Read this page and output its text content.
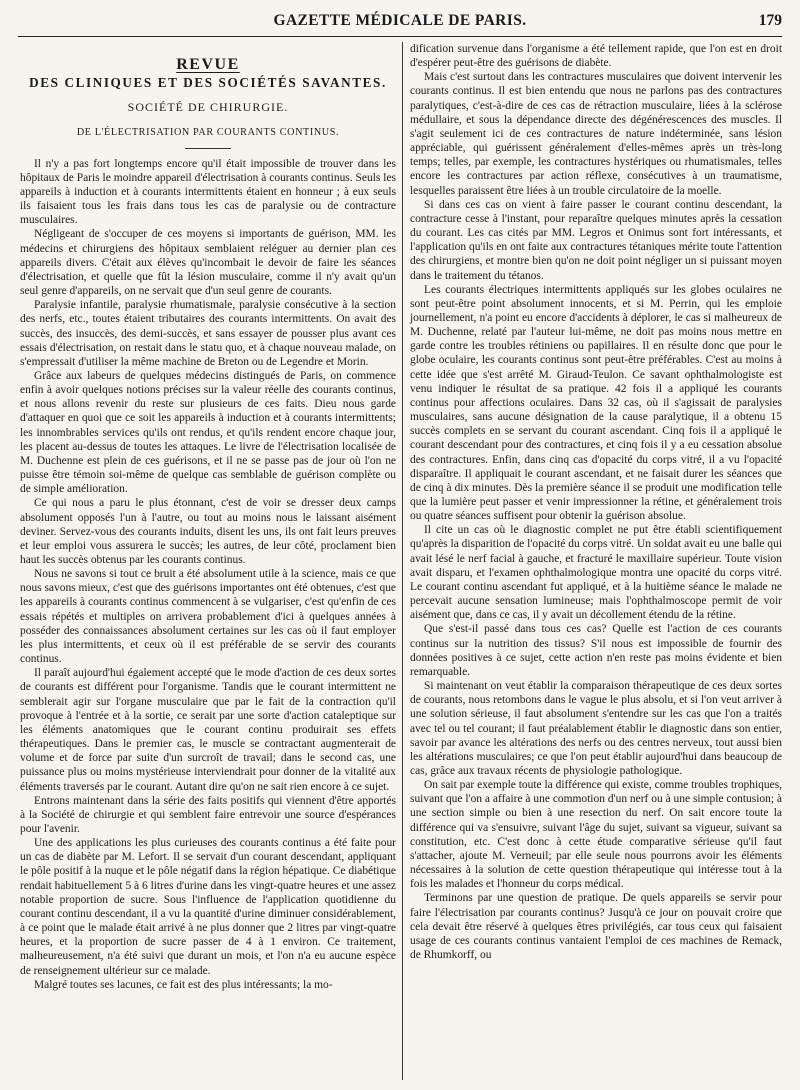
GAZETTE MÉDICALE DE PARIS.	179
REVUE
DES CLINIQUES ET DES SOCIÉTÉS SAVANTES.
SOCIÉTÉ DE CHIRURGIE.
DE L'ÉLECTRISATION PAR COURANTS CONTINUS.

Il n'y a pas fort longtemps encore qu'il était impossible de trouver dans les hôpitaux de Paris le moindre appareil d'électrisation à courants continus. Seuls les appareils à induction et à courants intermittents étaient en honneur ; à eux seuls ils faisaient tous les frais dans tous les cas de paralysie ou de contracture musculaires.

Négligeant de s'occuper de ces moyens si importants de guérison, MM. les médecins et chirurgiens des hôpitaux semblaient reléguer au dernier plan ces appareils divers. C'était aux élèves qu'incombait le devoir de faire les séances d'électrisation, et quelle que fût la lésion musculaire, comme il n'y avait qu'un seul genre d'appareils, on ne servait que d'un seul genre de courants.

Paralysie infantile, paralysie rhumatismale, paralysie consécutive à la section des nerfs, etc., toutes étaient tributaires des courants intermittents. On avait des succès, des insuccès, des demi-succès, et sans essayer de pousser plus avant ces essais d'électrisation, on restait dans le statu quo, et à chaque nouveau malade, on s'empressait d'utiliser la même machine de Breton ou de Legendre et Morin.

Grâce aux labeurs de quelques médecins distingués de Paris, on commence enfin à avoir quelques notions précises sur la valeur réelle des courants continus, et nous allons revenir du reste sur plusieurs de ces faits. Dieu nous garde d'attaquer en quoi que ce soit les appareils à induction et à courants intermittents; les innombrables services qu'ils ont rendus, et qu'ils rendent encore chaque jour, les placent au-dessus de toutes les attaques. Le livre de l'électrisation localisée de M. Duchenne est plein de ces guérisons, et il ne se passe pas de jour où l'on ne puisse être témoin soi-même de quelque cas semblable de guérison complète ou de simple amélioration.

Ce qui nous a paru le plus étonnant, c'est de voir se dresser deux camps absolument opposés l'un à l'autre, ou tout au moins nous le laissant aisément deviner. Servez-vous des courants induits, disent les uns, ils ont fait leurs preuves et leur emploi vous assurera le succès; les autres, de leur côté, proclament bien haut les succès obtenus par les courants continus.

Nous ne savons si tout ce bruit a été absolument utile à la science, mais ce que nous savons mieux, c'est que des guérisons importantes ont été obtenues, c'est que les appareils à courants continus commencent à se vulgariser, c'est qu'enfin de ces essais répétés et multiples on arrivera probablement d'ici à quelques années à posséder des connaissances absolument certaines sur les cas où il faut employer les plus intermittents, et ceux où il est préférable de se servir des courants continus.

Il paraît aujourd'hui également accepté que le mode d'action de ces deux sortes de courants est différent pour l'organisme. Tandis que le courant intermittent ne semblerait agir sur l'organe musculaire que par le fait de la contraction qu'il provoque à l'entrée et à la sortie, ce serait par une sorte d'action cataleptique sur les éléments anatomiques que le courant continu produirait ses effets thérapeutiques. Dans le premier cas, le muscle se contractant augmenterait de volume et de force par suite d'un surcroît de travail; dans le second cas, une puissance plus ou moins mystérieuse interviendrait pour donner de la vitalité aux éléments traversés par le courant. Autant dire qu'on ne sait rien encore à ce sujet.

Entrons maintenant dans la série des faits positifs qui viennent d'être apportés à la Société de chirurgie et qui semblent faire entrevoir une source d'espérances pour l'avenir.

Une des applications les plus curieuses des courants continus a été faite pour un cas de diabète par M. Lefort. Il se servait d'un courant descendant, appliquant le pôle positif à la nuque et le pôle négatif dans la région hépatique. Ce diabétique rendait habituellement 5 à 6 litres d'urine dans les vingt-quatre heures et une assez notable proportion de sucre. Sous l'influence de l'application quotidienne du courant continu descendant, il a vu la quantité d'urine diminuer considérablement, à ce point que le malade était arrivé à ne plus donner que 2 litres par vingt-quatre heures, et la proportion de sucre passer de 4 à 1 environ. Ce traitement, malheureusement, n'a été suivi que durant un mois, et l'on n'a eu aucune espèce de renseignement ultérieur sur ce malade.

Malgré toutes ses lacunes, ce fait est des plus intéressants; la mo-

dification survenue dans l'organisme a été tellement rapide, que l'on est en droit d'espérer peut-être des guérisons de diabète.

Mais c'est surtout dans les contractures musculaires que doivent intervenir les courants continus. Il est bien entendu que nous ne parlons pas des contractures paralytiques, c'est-à-dire de ces cas de rétraction musculaire, liées à la sclérose médullaire, et sous la dépendance directe des dégénérescences des muscles. Il s'agit seulement ici de ces contractures de nature indéterminée, sans lésion appréciable, qui guérissent généralement d'elles-mêmes après un très-long temps; telles, par exemple, les contractures hystériques ou rhumatismales, telles encore les contractures par action réflexe, consécutives à un traumatisme, lesquelles paraissent être liées à un trouble circulatoire de la moelle.

Si dans ces cas on vient à faire passer le courant continu descendant, la contracture cesse à l'instant, pour reparaître quelques minutes après la cessation du courant. Les cas cités par MM. Legros et Onimus sont fort intéressants, et l'application qu'ils en ont faite aux contractures tétaniques mérite toute l'attention des chirurgiens, et montre bien qu'on ne doit point négliger un si puissant moyen dans le traitement du tétanos.

Les courants électriques intermittents appliqués sur les globes oculaires ne sont peut-être point absolument innocents, et si M. Perrin, qui les emploie journellement, n'a point eu encore d'accidents à déplorer, le cas si malheureux de M. Duchenne, relaté par l'auteur lui-même, ne doit pas moins nous mettre en garde contre les troubles rétiniens ou papillaires. Il en résulte donc que pour le globe oculaire, les courants continus sont peut-être préférables. C'est au moins à cette idée que s'est arrêté M. Giraud-Teulon. Ce savant ophthalmologiste est venu indiquer le résultat de sa pratique. 42 fois il a appliqué les courants continus pour affections oculaires. Dans 32 cas, où il s'agissait de paralysies musculaires, sans aucune désignation de la cause paralytique, il a obtenu 15 succès complets en se servant du courant ascendant. Cinq fois il a appliqué le courant descendant pour des contractures, et cinq fois il y a eu cessation absolue des contractures. Enfin, dans cinq cas d'opacité du corps vitré, il a vu l'opacité disparaître. Il appliquait le courant ascendant, et ne faisait durer les séances que de cinq à dix minutes. Dès la première séance il se produit une modification telle que la lumière peut passer et venir impressionner la rétine, et généralement trois ou quatre séances suffisent pour obtenir la guérison absolue.

Il cite un cas où le diagnostic complet ne put être établi scientifiquement qu'après la disparition de l'opacité du corps vitré. Un soldat avait eu une balle qui avait lésé le nerf facial à gauche, et fracturé le maxillaire supérieur. Toute vision avait disparu, et l'examen ophthalmologique montra une opacité du corps vitré. Le courant continu ascendant fut appliqué, et à la huitième séance le malade ne percevait aucune sensation lumineuse; mais l'ophthalmoscope permit de voir aisément que, dans ce cas, il y avait un décollement étendu de la rétine.

Que s'est-il passé dans tous ces cas? Quelle est l'action de ces courants continus sur la nutrition des tissus? S'il nous est impossible de fournir des données positives à ce sujet, cette action n'en reste pas moins évidente et bien remarquable.

Si maintenant on veut établir la comparaison thérapeutique de ces deux sortes de courants, nous retombons dans le vague le plus absolu, et si l'on veut arriver à une solution sérieuse, il faut absolument s'entendre sur les cas que l'on a traités avec tel ou tel courant; il faut préalablement établir le diagnostic dans son entier, savoir par avance les altérations des nerfs ou des centres nerveux, tout aussi bien les altérations musculaires; ce que l'on peut établir aujourd'hui dans beaucoup de cas, grâce aux travaux récents de physiologie pathologique.

On sait par exemple toute la différence qui existe, comme troubles trophiques, suivant que l'on a affaire à une commotion d'un nerf ou à une simple contusion; à une section simple ou bien à une resection du nerf. On sait encore toute la différence qui va s'ensuivre, suivant l'âge du sujet, suivant sa vigueur, suivant sa constitution, etc. C'est donc à cette étude comparative sérieuse qu'il faut s'attacher, ajoute M. Verneuil; par elle seule nous pourrons avoir les éléments nécessaires à la solution de cette question thérapeutique qui intéresse tout à la fois les malades et l'honneur du corps médical.

Terminons par une question de pratique. De quels appareils se servir pour faire l'électrisation par courants continus? Jusqu'à ce jour on pouvait croire que cela devait être réservé à quelques êtres privilégiés, car tous ceux qui faisaient usage de ces courants continus vantaient l'emploi de ces machines de Remack, de Rhumkorff, ou
